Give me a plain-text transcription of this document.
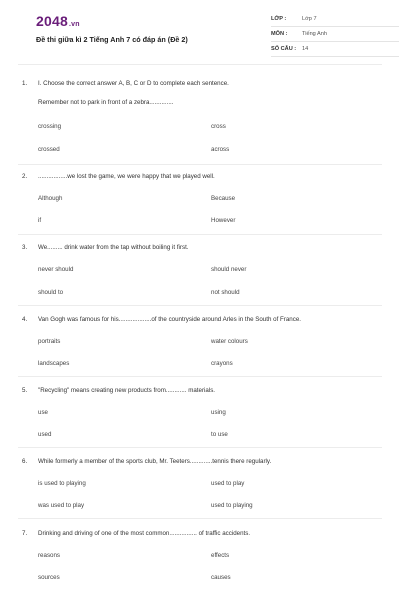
2048.vn
Đề thi giữa kì 2 Tiếng Anh 7 có đáp án (Đề 2)
LỚP :	Lớp 7
MÔN :	Tiếng Anh
SỐ CÂU : 14
1. I. Choose the correct answer A, B, C or D to complete each sentence.
Remember not to park in front of a zebra..............
crossing	cross
crossed	across
2. .................we lost the game, we were happy that we played well.
Although	Because
if	However
3. We......... drink water from the tap without boiling it first.
never should	should never
should to	not should
4. Van Gogh was famous for his...................of the countryside around Arles in the South of France.
portraits	water colours
landscapes	crayons
5. "Recycling" means creating new products from............ materials.
use	using
used	to use
6. While formerly a member of the sports club, Mr. Teeters.............tennis there regularly.
is used to playing	used to play
was used to play	used to playing
7. Drinking and driving of one of the most common................ of traffic accidents.
reasons	effects
sources	causes
